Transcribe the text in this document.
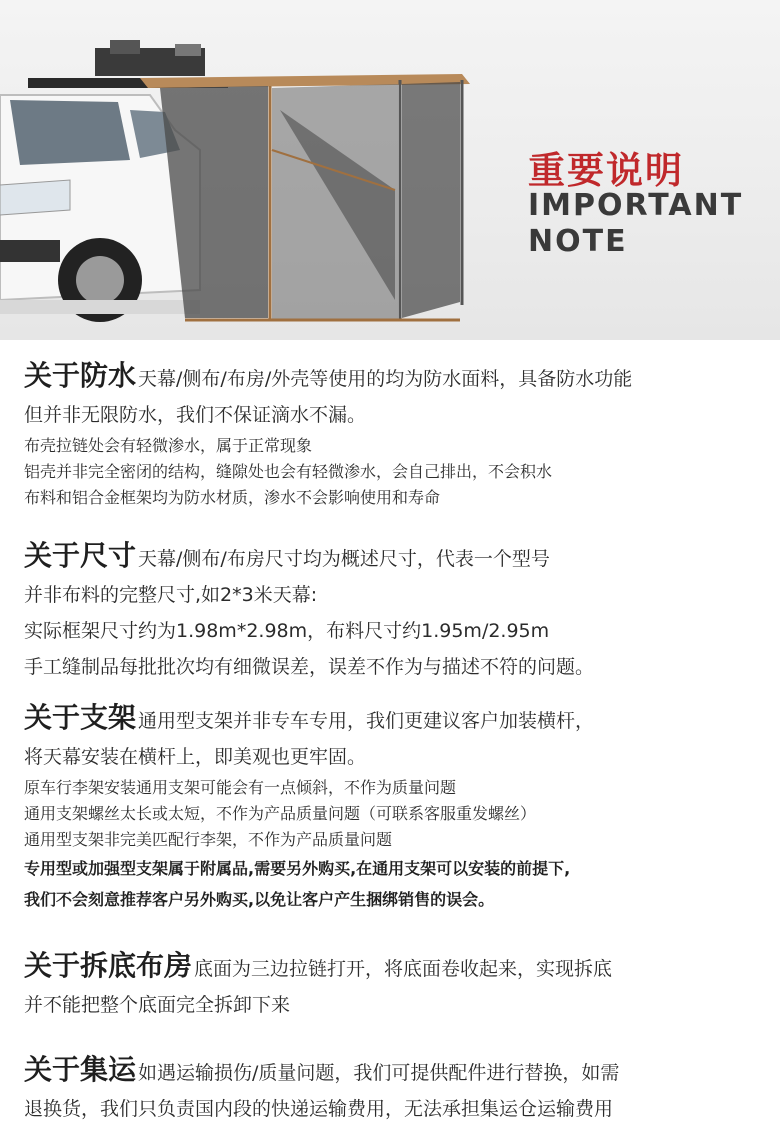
重要说明
IMPORTANT
NOTE
关于防水 天幕/侧布/布房/外壳等使用的均为防水面料，具备防水功能
但并非无限防水，我们不保证滴水不漏。
布壳拉链处会有轻微渗水，属于正常现象
铝壳并非完全密闭的结构，缝隙处也会有轻微渗水，会自己排出，不会积水
布料和铝合金框架均为防水材质，渗水不会影响使用和寿命
关于尺寸 天幕/侧布/布房尺寸均为概述尺寸，代表一个型号
并非布料的完整尺寸,如2*3米天幕:
实际框架尺寸约为1.98m*2.98m，布料尺寸约1.95m/2.95m
手工缝制品每批批次均有细微误差，误差不作为与描述不符的问题。
关于支架 通用型支架并非专车专用，我们更建议客户加装横杆，
将天幕安装在横杆上，即美观也更牢固。
原车行李架安装通用支架可能会有一点倾斜，不作为质量问题
通用支架螺丝太长或太短，不作为产品质量问题（可联系客服重发螺丝）
通用型支架非完美匹配行李架，不作为产品质量问题
专用型或加强型支架属于附属品,需要另外购买,在通用支架可以安装的前提下,
我们不会刻意推荐客户另外购买,以免让客户产生捆绑销售的误会。
关于拆底布房 底面为三边拉链打开，将底面卷收起来，实现拆底
并不能把整个底面完全拆卸下来
关于集运 如遇运输损伤/质量问题，我们可提供配件进行替换，如需
退换货，我们只负责国内段的快递运输费用，无法承担集运仓运输费用
